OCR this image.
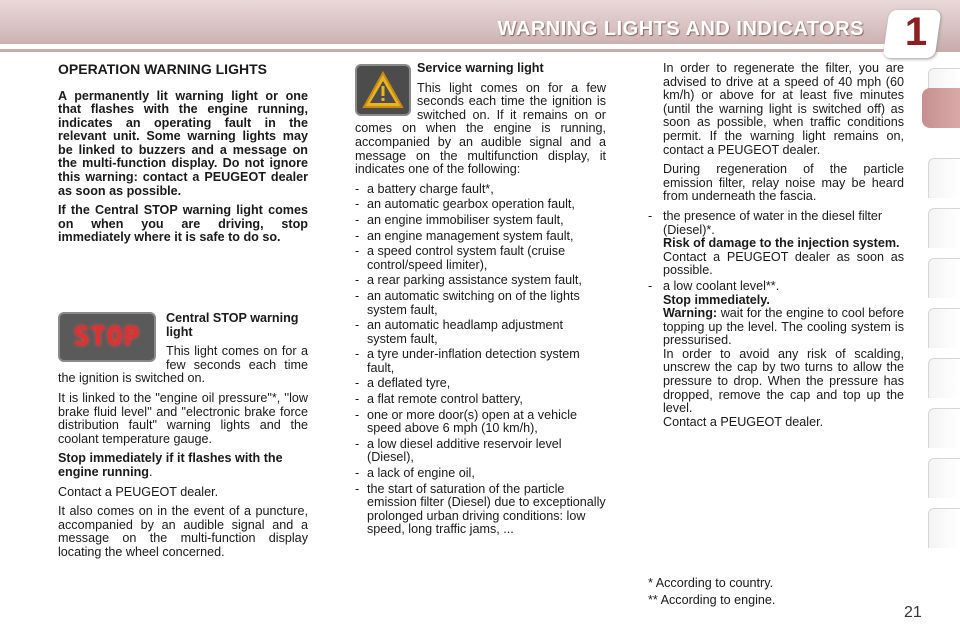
WARNING LIGHTS AND INDICATORS 1
OPERATION WARNING LIGHTS
A permanently lit warning light or one that flashes with the engine running, indicates an operating fault in the relevant unit. Some warning lights may be linked to buzzers and a message on the multi-function display. Do not ignore this warning: contact a PEUGEOT dealer as soon as possible.
If the Central STOP warning light comes on when you are driving, stop immediately where it is safe to do so.
Central STOP warning light
This light comes on for a few seconds each time the ignition is switched on.
It is linked to the "engine oil pressure"*, ''low brake fluid level'' and "electronic brake force distribution fault" warning lights and the coolant temperature gauge.
Stop immediately if it flashes with the engine running.
Contact a PEUGEOT dealer.
It also comes on in the event of a puncture, accompanied by an audible signal and a message on the multi-function display locating the wheel concerned.
STOP
Service warning light
This light comes on for a few seconds each time the ignition is switched on. If it remains on or comes on when the engine is running, accompanied by an audible signal and a message on the multifunction display, it indicates one of the following:
- a battery charge fault*,
- an automatic gearbox operation fault,
- an engine immobiliser system fault,
- an engine management system fault,
- a speed control system fault (cruise control/speed limiter),
- a rear parking assistance system fault,
- an automatic switching on of the lights system fault,
- an automatic headlamp adjustment system fault,
- a tyre under-inflation detection system fault,
- a deflated tyre,
- a flat remote control battery,
- one or more door(s) open at a vehicle speed above 6 mph (10 km/h),
- a low diesel additive reservoir level (Diesel),
- a lack of engine oil,
- the start of saturation of the particle emission filter (Diesel) due to exceptionally prolonged urban driving conditions: low speed, long traffic jams, ...
In order to regenerate the filter, you are advised to drive at a speed of 40 mph (60 km/h) or above for at least five minutes (until the warning light is switched off) as soon as possible, when traffic conditions permit. If the warning light remains on, contact a PEUGEOT dealer.
During regeneration of the particle emission filter, relay noise may be heard from underneath the fascia.
- the presence of water in the diesel filter (Diesel)*.
Risk of damage to the injection system.
Contact a PEUGEOT dealer as soon as possible.
- a low coolant level**.
Stop immediately.
Warning: wait for the engine to cool before topping up the level. The cooling system is pressurised.
In order to avoid any risk of scalding, unscrew the cap by two turns to allow the pressure to drop. When the pressure has dropped, remove the cap and top up the level.
Contact a PEUGEOT dealer.
* According to country.
** According to engine.
21
